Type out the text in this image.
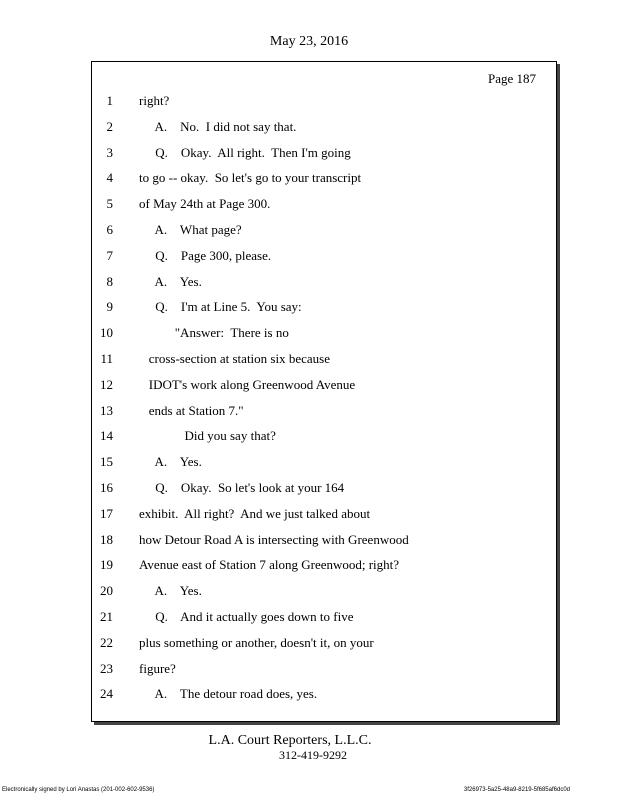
May 23, 2016
Page 187
1 right?
2 A.    No.  I did not say that.
3 Q.    Okay.  All right.  Then I'm going
4 to go -- okay.  So let's go to your transcript
5 of May 24th at Page 300.
6 A.    What page?
7 Q.    Page 300, please.
8 A.    Yes.
9 Q.    I'm at Line 5.  You say:
10 "Answer:  There is no
11 cross-section at station six because
12 IDOT's work along Greenwood Avenue
13 ends at Station 7."
14 Did you say that?
15 A.    Yes.
16 Q.    Okay.  So let's look at your 164
17 exhibit.  All right?  And we just talked about
18 how Detour Road A is intersecting with Greenwood
19 Avenue east of Station 7 along Greenwood; right?
20 A.    Yes.
21 Q.    And it actually goes down to five
22 plus something or another, doesn't it, on your
23 figure?
24 A.    The detour road does, yes.
L.A. Court Reporters, L.L.C.
312-419-9292
Electronically signed by Lori Anastas (201-002-602-9536)	3f26973-5a25-48a9-8219-5f685af6dc0d
